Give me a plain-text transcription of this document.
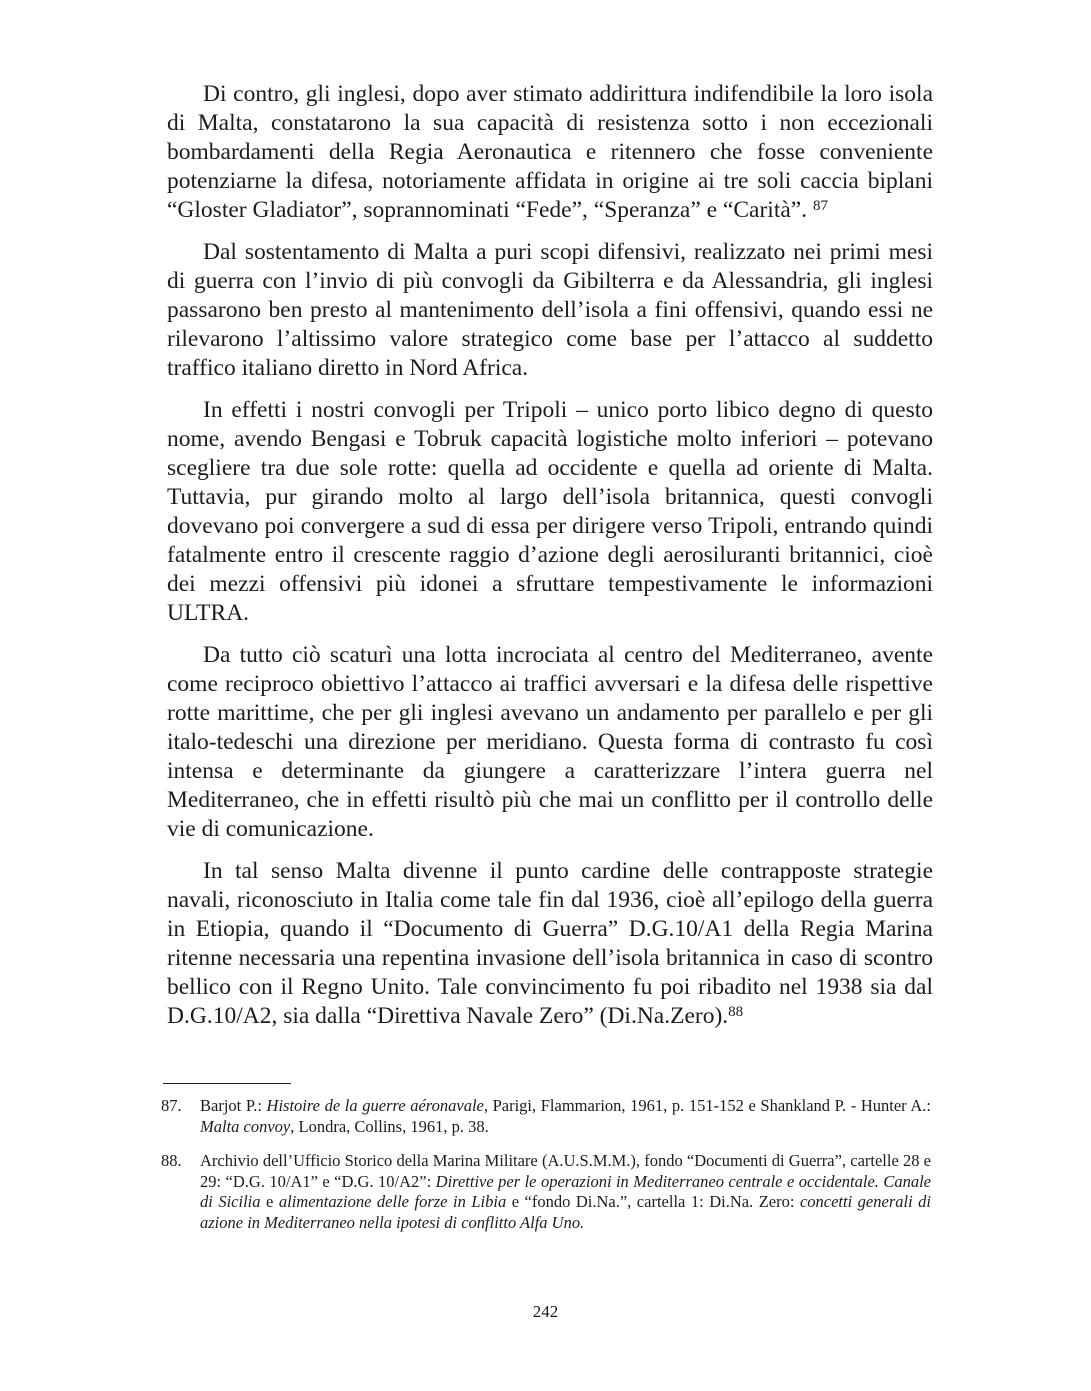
Di contro, gli inglesi, dopo aver stimato addirittura indifendibile la loro isola di Malta, constatarono la sua capacità di resistenza sotto i non eccezionali bombardamenti della Regia Aeronautica e ritennero che fosse conveniente potenziarne la difesa, notoriamente affidata in origine ai tre soli caccia biplani “Gloster Gladiator”, soprannominati “Fede”, “Speranza” e “Carità”. $^{87}$

Dal sostentamento di Malta a puri scopi difensivi, realizzato nei primi mesi di guerra con l’invio di più convogli da Gibilterra e da Alessandria, gli inglesi passarono ben presto al mantenimento dell’isola a fini offensivi, quando essi ne rilevarono l’altissimo valore strategico come base per l’attacco al suddetto traffico italiano diretto in Nord Africa.

In effetti i nostri convogli per Tripoli – unico porto libico degno di questo nome, avendo Bengasi e Tobruk capacità logistiche molto inferiori – potevano scegliere tra due sole rotte: quella ad occidente e quella ad oriente di Malta. Tuttavia, pur girando molto al largo dell’isola britannica, questi convogli dovevano poi convergere a sud di essa per dirigere verso Tripoli, entrando quindi fatalmente entro il crescente raggio d’azione degli aerosiluranti britannici, cioè dei mezzi offensivi più idonei a sfruttare tempestivamente le informazioni ULTRA.

Da tutto ciò scaturì una lotta incrociata al centro del Mediterraneo, avente come reciproco obiettivo l’attacco ai traffici avversari e la difesa delle rispettive rotte marittime, che per gli inglesi avevano un andamento per parallelo e per gli italo-tedeschi una direzione per meridiano. Questa forma di contrasto fu così intensa e determinante da giungere a caratterizzare l’intera guerra nel Mediterraneo, che in effetti risultò più che mai un conflitto per il controllo delle vie di comunicazione.

In tal senso Malta divenne il punto cardine delle contrapposte strategie navali, riconosciuto in Italia come tale fin dal 1936, cioè all’epilogo della guerra in Etiopia, quando il “Documento di Guerra” D.G.10/A1 della Regia Marina ritenne necessaria una repentina invasione dell’isola britannica in caso di scontro bellico con il Regno Unito. Tale convincimento fu poi ribadito nel 1938 sia dal D.G.10/A2, sia dalla “Direttiva Navale Zero” (Di.Na.Zero).$^{88}$

87. Barjot P.: Histoire de la guerre aéronavale, Parigi, Flammarion, 1961, p. 151-152 e Shankland P. - Hunter A.: Malta convoy, Londra, Collins, 1961, p. 38.
88. Archivio dell’Ufficio Storico della Marina Militare (A.U.S.M.M.), fondo “Documenti di Guerra”, cartelle 28 e 29: “D.G. 10/A1” e “D.G. 10/A2”: Direttive per le operazioni in Mediterraneo centrale e occidentale. Canale di Sicilia e alimentazione delle forze in Libia e “fondo Di.Na.”, cartella 1: Di.Na. Zero: concetti generali di azione in Mediterraneo nella ipotesi di conflitto Alfa Uno.
242
